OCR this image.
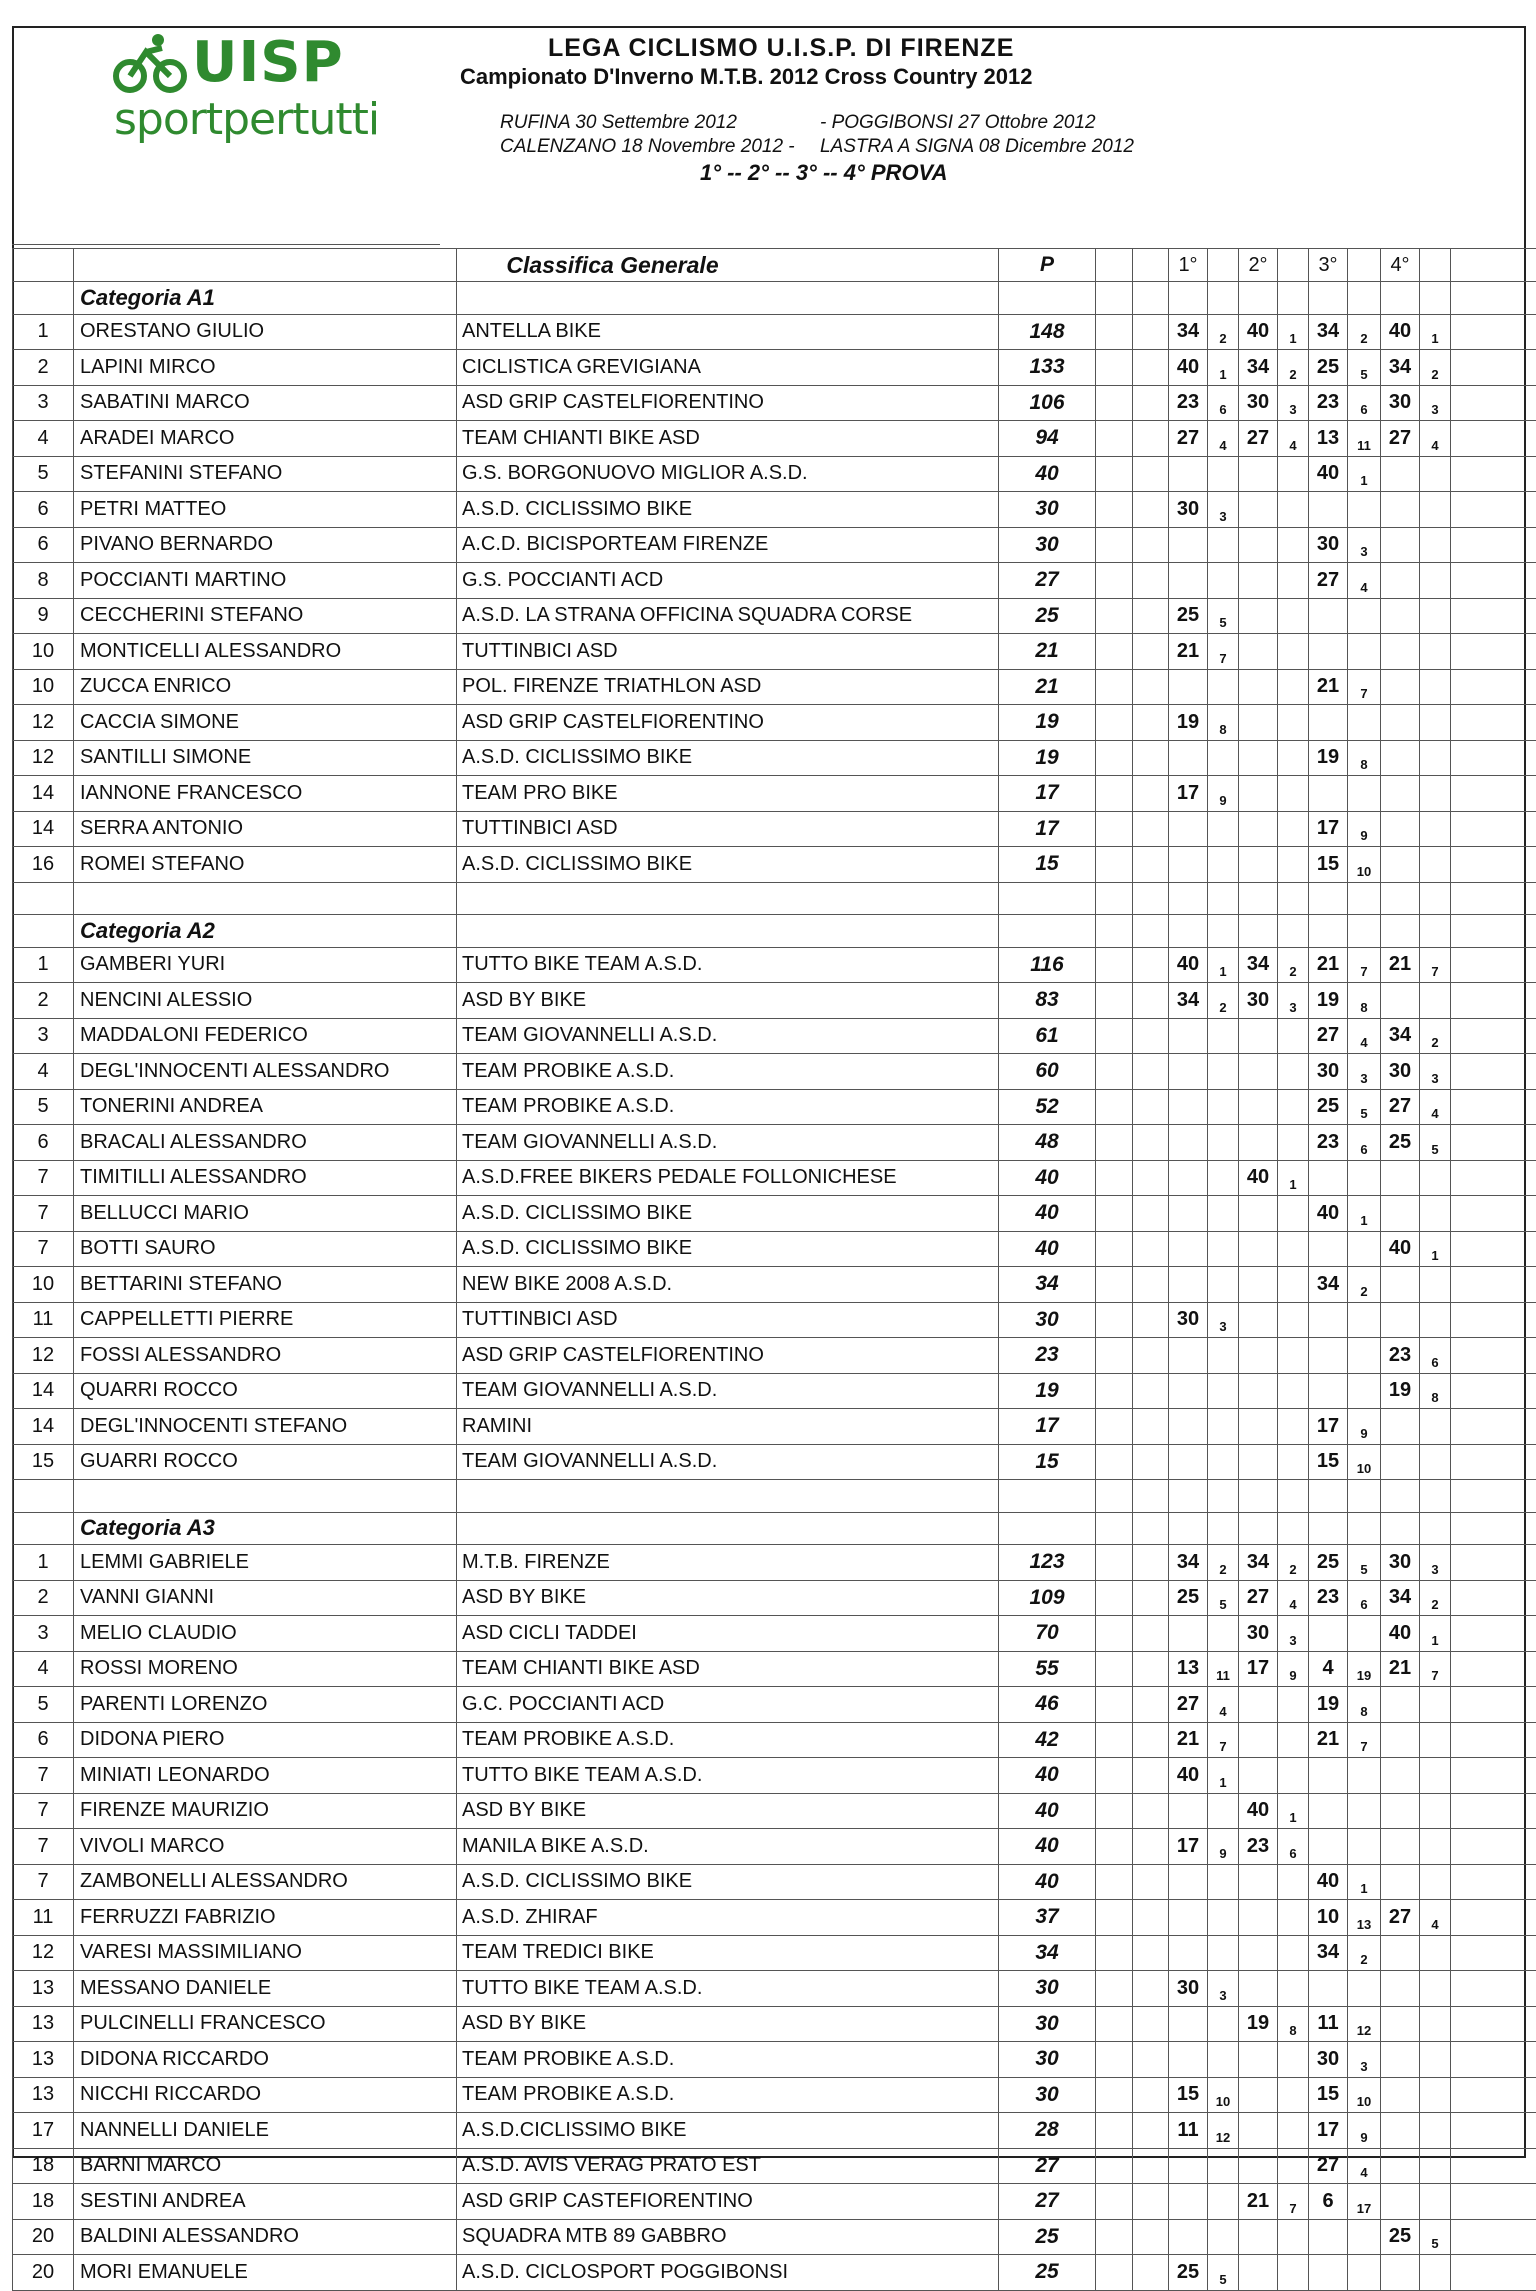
UISP
sportpertutti
LEGA CICLISMO U.I.S.P. DI FIRENZE
Campionato D'Inverno M.T.B. 2012 Cross Country 2012
RUFINA 30 Settembre 2012	- POGGIBONSI 27 Ottobre 2012
CALENZANO 18 Novembre 2012 - LASTRA A SIGNA 08 Dicembre 2012
1° -- 2° -- 3° -- 4° PROVA
		Classifica Generale	P			1°		2°		3°		4°		
	Categoria A1													
1	ORESTANO GIULIO	ANTELLA BIKE	148			34	2	40	1	34	2	40	1	
2	LAPINI MIRCO	CICLISTICA GREVIGIANA	133			40	1	34	2	25	5	34	2	
3	SABATINI MARCO	ASD GRIP CASTELFIORENTINO	106			23	6	30	3	23	6	30	3	
4	ARADEI MARCO	TEAM CHIANTI BIKE ASD	94			27	4	27	4	13	11	27	4	
5	STEFANINI STEFANO	G.S. BORGONUOVO MIGLIOR A.S.D.	40							40	1			
6	PETRI MATTEO	A.S.D. CICLISSIMO BIKE	30			30	3							
6	PIVANO BERNARDO	A.C.D. BICISPORTEAM FIRENZE	30							30	3			
8	POCCIANTI MARTINO	G.S. POCCIANTI ACD	27							27	4			
9	CECCHERINI STEFANO	A.S.D. LA STRANA OFFICINA SQUADRA CORSE	25			25	5							
10	MONTICELLI ALESSANDRO	TUTTINBICI ASD	21			21	7							
10	ZUCCA ENRICO	POL. FIRENZE TRIATHLON ASD	21							21	7			
12	CACCIA SIMONE	ASD GRIP CASTELFIORENTINO	19			19	8							
12	SANTILLI SIMONE	A.S.D. CICLISSIMO BIKE	19							19	8			
14	IANNONE FRANCESCO	TEAM PRO BIKE	17			17	9							
14	SERRA ANTONIO	TUTTINBICI ASD	17							17	9			
16	ROMEI STEFANO	A.S.D. CICLISSIMO BIKE	15							15	10			

	Categoria A2													
1	GAMBERI YURI	TUTTO BIKE TEAM A.S.D.	116			40	1	34	2	21	7	21	7	
2	NENCINI ALESSIO	ASD BY BIKE	83			34	2	30	3	19	8			
3	MADDALONI FEDERICO	TEAM GIOVANNELLI A.S.D.	61							27	4	34	2	
4	DEGL'INNOCENTI ALESSANDRO	TEAM PROBIKE A.S.D.	60							30	3	30	3	
5	TONERINI ANDREA	TEAM PROBIKE A.S.D.	52							25	5	27	4	
6	BRACALI ALESSANDRO	TEAM GIOVANNELLI A.S.D.	48							23	6	25	5	
7	TIMITILLI ALESSANDRO	A.S.D.FREE BIKERS PEDALE FOLLONICHESE	40					40	1					
7	BELLUCCI MARIO	A.S.D. CICLISSIMO BIKE	40							40	1			
7	BOTTI SAURO	A.S.D. CICLISSIMO BIKE	40									40	1	
10	BETTARINI STEFANO	NEW BIKE 2008 A.S.D.	34							34	2			
11	CAPPELLETTI PIERRE	TUTTINBICI ASD	30			30	3							
12	FOSSI ALESSANDRO	ASD GRIP CASTELFIORENTINO	23									23	6	
14	QUARRI ROCCO	TEAM GIOVANNELLI A.S.D.	19									19	8	
14	DEGL'INNOCENTI STEFANO	RAMINI	17							17	9			
15	GUARRI ROCCO	TEAM GIOVANNELLI A.S.D.	15							15	10			

	Categoria A3													
1	LEMMI GABRIELE	M.T.B. FIRENZE	123			34	2	34	2	25	5	30	3	
2	VANNI GIANNI	ASD BY BIKE	109			25	5	27	4	23	6	34	2	
3	MELIO CLAUDIO	ASD CICLI TADDEI	70					30	3			40	1	
4	ROSSI MORENO	TEAM CHIANTI BIKE ASD	55			13	11	17	9	4	19	21	7	
5	PARENTI LORENZO	G.C. POCCIANTI ACD	46			27	4			19	8			
6	DIDONA PIERO	TEAM PROBIKE A.S.D.	42			21	7			21	7			
7	MINIATI LEONARDO	TUTTO BIKE TEAM A.S.D.	40			40	1							
7	FIRENZE MAURIZIO	ASD BY BIKE	40					40	1					
7	VIVOLI MARCO	MANILA BIKE A.S.D.	40			17	9	23	6					
7	ZAMBONELLI ALESSANDRO	A.S.D. CICLISSIMO BIKE	40							40	1			
11	FERRUZZI FABRIZIO	A.S.D. ZHIRAF	37							10	13	27	4	
12	VARESI MASSIMILIANO	TEAM TREDICI BIKE	34							34	2			
13	MESSANO DANIELE	TUTTO BIKE TEAM A.S.D.	30			30	3							
13	PULCINELLI FRANCESCO	ASD BY BIKE	30					19	8	11	12			
13	DIDONA RICCARDO	TEAM PROBIKE A.S.D.	30							30	3			
13	NICCHI RICCARDO	TEAM PROBIKE A.S.D.	30			15	10			15	10			
17	NANNELLI DANIELE	A.S.D.CICLISSIMO BIKE	28			11	12			17	9			
18	BARNI MARCO	A.S.D. AVIS VERAG PRATO EST	27							27	4			
18	SESTINI ANDREA	ASD GRIP CASTEFIORENTINO	27					21	7	6	17			
20	BALDINI ALESSANDRO	SQUADRA MTB 89 GABBRO	25									25	5	
20	MORI EMANUELE	A.S.D. CICLOSPORT POGGIBONSI	25			25	5							
